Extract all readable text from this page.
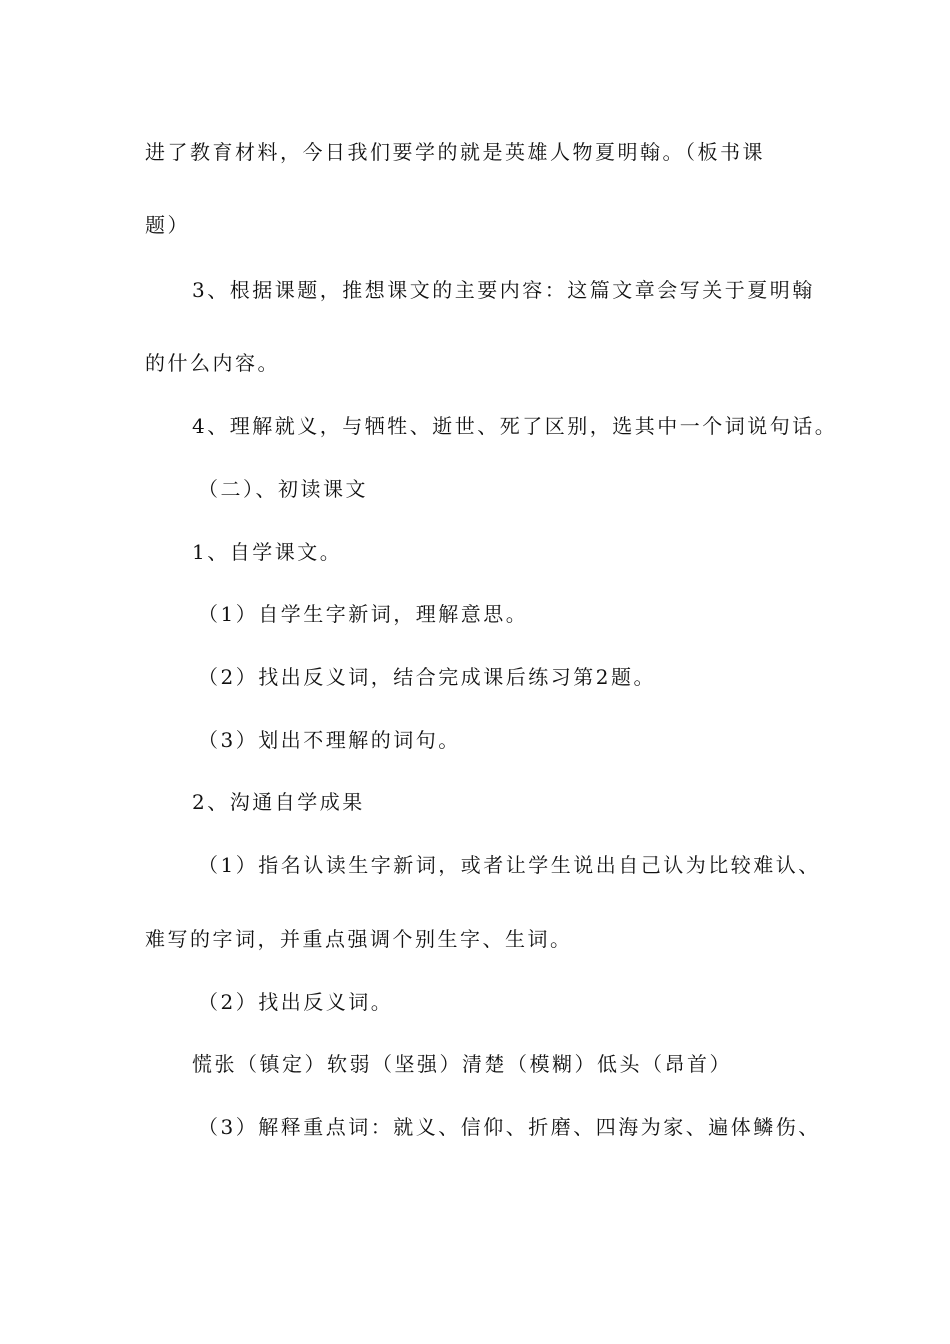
进了教育材料，今日我们要学的就是英雄人物夏明翰。（板书课
题）
3、根据课题，推想课文的主要内容：这篇文章会写关于夏明翰
的什么内容。
4、理解就义，与牺牲、逝世、死了区别，选其中一个词说句话。
（二）、初读课文
1、自学课文。
（1）自学生字新词，理解意思。
（2）找出反义词，结合完成课后练习第2题。
（3）划出不理解的词句。
2、沟通自学成果
（1）指名认读生字新词，或者让学生说出自己认为比较难认、
难写的字词，并重点强调个别生字、生词。
（2）找出反义词。
慌张（镇定）软弱（坚强）清楚（模糊）低头（昂首）
（3）解释重点词：就义、信仰、折磨、四海为家、遍体鳞伤、
